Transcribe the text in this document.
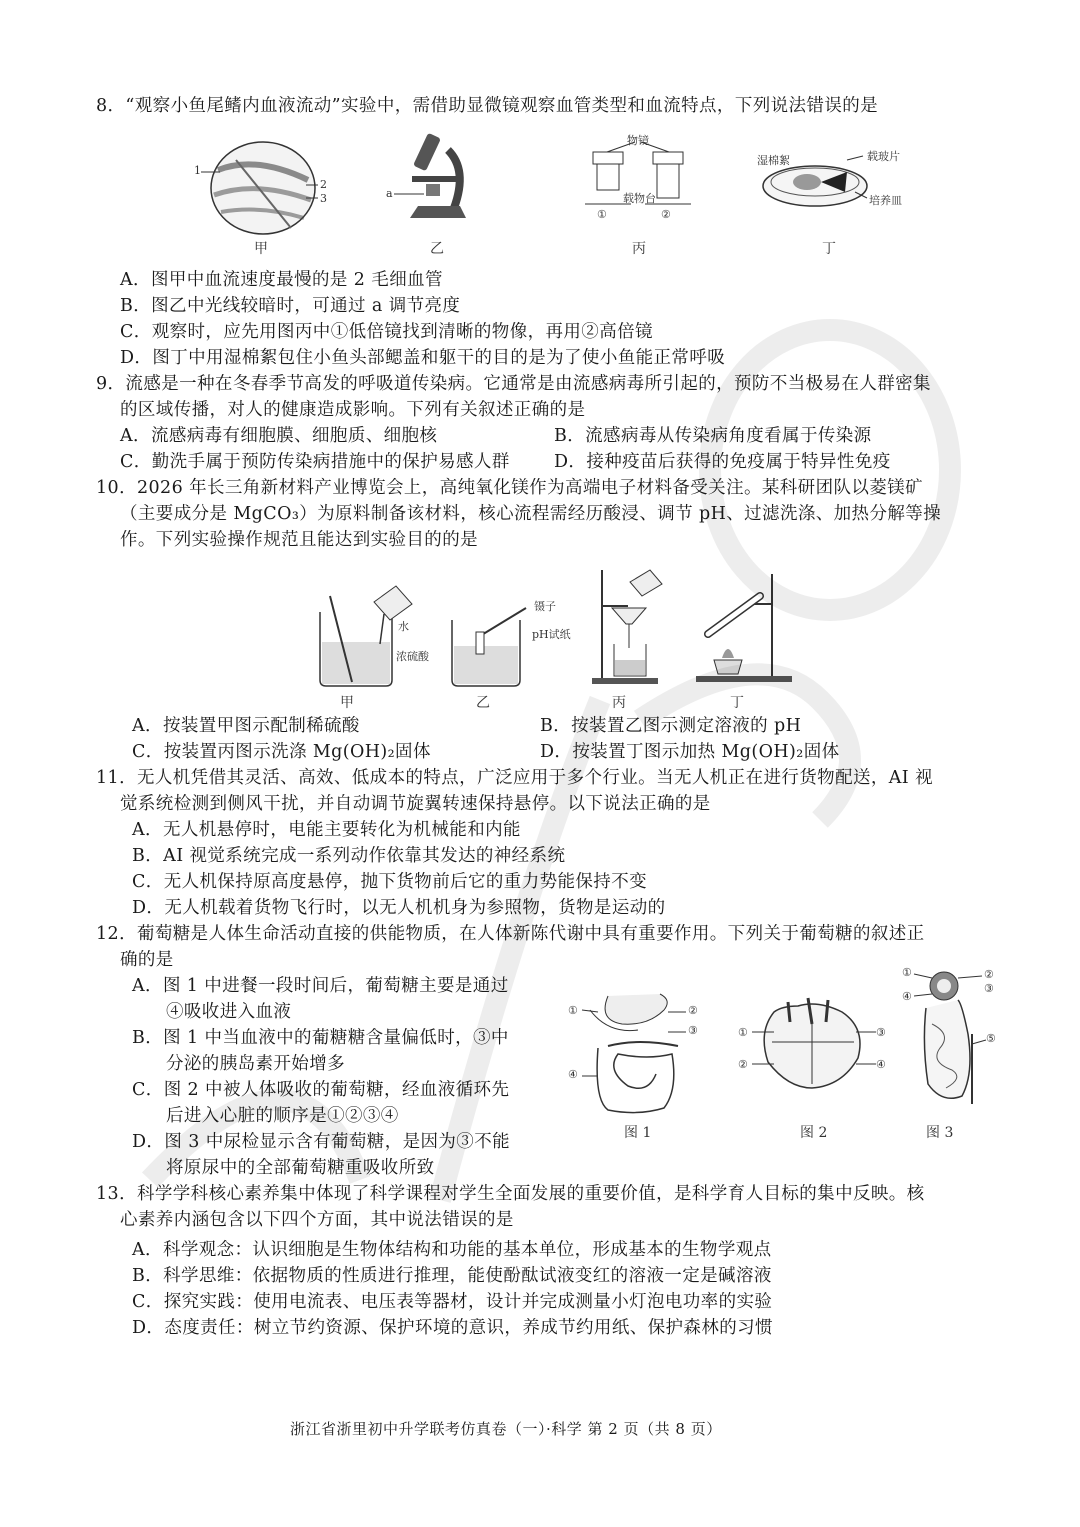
8．“观察小鱼尾鳍内血液流动”实验中，需借助显微镜观察血管类型和血流特点，下列说法错误的是
1
2
3
甲
a
乙
物镜
载物台
①	②
丙
湿棉絮	载玻片
培养皿
丁
A．图甲中血流速度最慢的是 2 毛细血管
B．图乙中光线较暗时，可通过 a 调节亮度
C．观察时，应先用图丙中①低倍镜找到清晰的物像，再用②高倍镜
D．图丁中用湿棉絮包住小鱼头部鳃盖和躯干的目的是为了使小鱼能正常呼吸
9．流感是一种在冬春季节高发的呼吸道传染病。它通常是由流感病毒所引起的，预防不当极易在人群密集
的区域传播，对人的健康造成影响。下列有关叙述正确的是
A．流感病毒有细胞膜、细胞质、细胞核	B．流感病毒从传染病角度看属于传染源
C．勤洗手属于预防传染病措施中的保护易感人群	D．接种疫苗后获得的免疫属于特异性免疫
10．2026 年长三角新材料产业博览会上，高纯氧化镁作为高端电子材料备受关注。某科研团队以菱镁矿
（主要成分是 MgCO₃）为原料制备该材料，核心流程需经历酸浸、调节 pH、过滤洗涤、加热分解等操
作。下列实验操作规范且能达到实验目的的是
水
浓硫酸
甲
镊子
pH试纸
乙	丙	丁
A．按装置甲图示配制稀硫酸	B．按装置乙图示测定溶液的 pH
C．按装置丙图示洗涤 Mg(OH)₂固体	D．按装置丁图示加热 Mg(OH)₂固体
11．无人机凭借其灵活、高效、低成本的特点，广泛应用于多个行业。当无人机正在进行货物配送，AI 视
觉系统检测到侧风干扰，并自动调节旋翼转速保持悬停。以下说法正确的是
A．无人机悬停时，电能主要转化为机械能和内能
B．AI 视觉系统完成一系列动作依靠其发达的神经系统
C．无人机保持原高度悬停，抛下货物前后它的重力势能保持不变
D．无人机载着货物飞行时，以无人机机身为参照物，货物是运动的
12．葡萄糖是人体生命活动直接的供能物质，在人体新陈代谢中具有重要作用。下列关于葡萄糖的叙述正
确的是
A．图 1 中进餐一段时间后，葡萄糖主要是通过
④吸收进入血液
B．图 1 中当血液中的葡糖糖含量偏低时，③中
分泌的胰岛素开始增多
C．图 2 中被人体吸收的葡萄糖，经血液循环先
后进入心脏的顺序是①②③④
D．图 3 中尿检显示含有葡萄糖，是因为③不能
将原尿中的全部葡萄糖重吸收所致
①	②
③
④
图 1
①
②
③
④
图 2
①	②
③
④
⑤
图 3
13．科学学科核心素养集中体现了科学课程对学生全面发展的重要价值，是科学育人目标的集中反映。核
心素养内涵包含以下四个方面，其中说法错误的是
A．科学观念：认识细胞是生物体结构和功能的基本单位，形成基本的生物学观点
B．科学思维：依据物质的性质进行推理，能使酚酞试液变红的溶液一定是碱溶液
C．探究实践：使用电流表、电压表等器材，设计并完成测量小灯泡电功率的实验
D．态度责任：树立节约资源、保护环境的意识，养成节约用纸、保护森林的习惯
浙江省浙里初中升学联考仿真卷（一）·科学 第 2 页（共 8 页）
